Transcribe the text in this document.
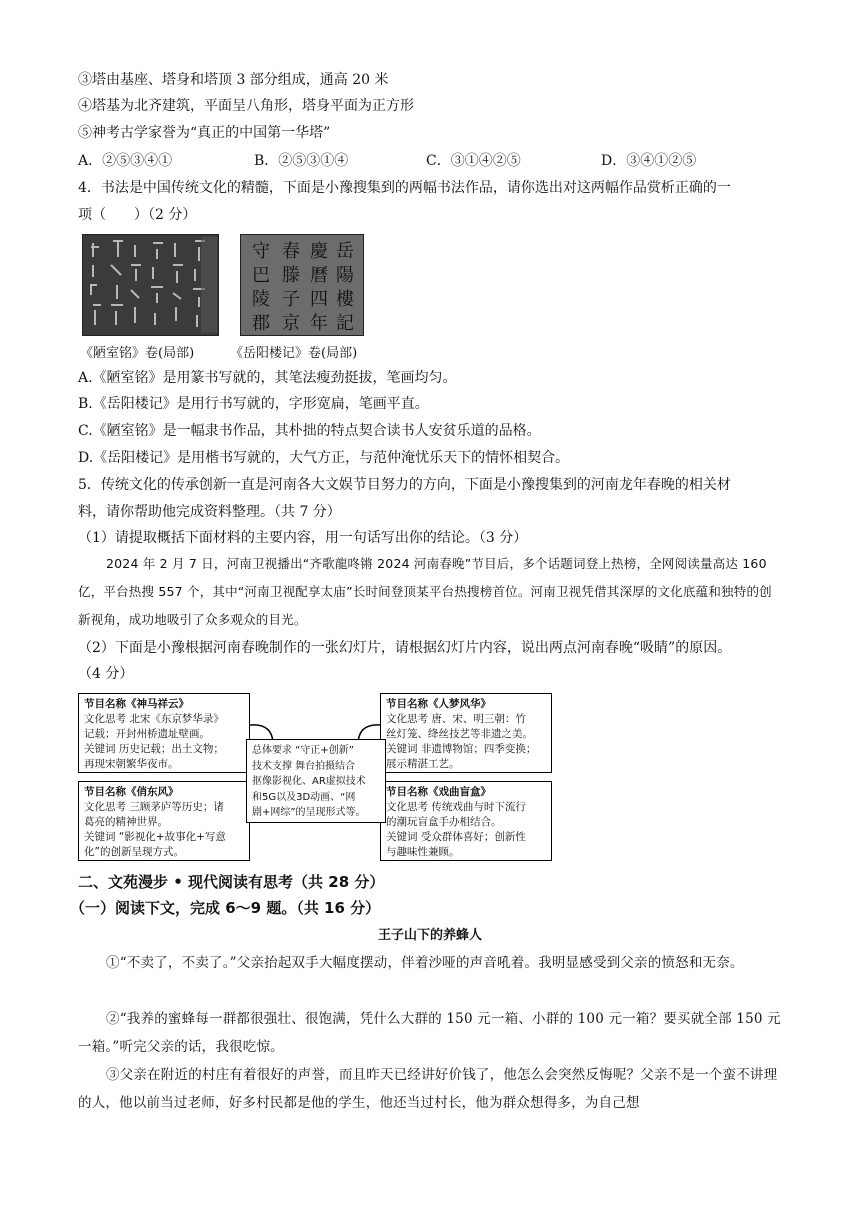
③塔由基座、塔身和塔顶 3 部分组成，通高 20 米
④塔基为北齐建筑，平面呈八角形，塔身平面为正方形
⑤神考古学家誉为“真正的中国第一华塔”
A．②⑤③④①	B．②⑤③①④	C．③①④②⑤	D．③④①②⑤
4．书法是中国传统文化的精髓，下面是小豫搜集到的两幅书法作品，请你选出对这两幅作品赏析正确的一
项（　　）（2 分）
岳
陽
樓
記
慶
曆
四
年
春
滕
子
京
守
巴
陵
郡
《陋室铭》卷(局部)	《岳阳楼记》卷(局部)
A.《陋室铭》是用篆书写就的，其笔法瘦劲挺拔，笔画均匀。
B.《岳阳楼记》是用行书写就的，字形宽扁，笔画平直。
C.《陋室铭》是一幅隶书作品，其朴拙的特点契合读书人安贫乐道的品格。
D.《岳阳楼记》是用楷书写就的，大气方正，与范仲淹忧乐天下的情怀相契合。
5．传统文化的传承创新一直是河南各大文娱节目努力的方向，下面是小豫搜集到的河南龙年春晚的相关材
料，请你帮助他完成资料整理。（共 7 分）
（1）请提取概括下面材料的主要内容，用一句话写出你的结论。（3 分）
2024 年 2 月 7 日，河南卫视播出“齐歌龍咚锵 2024 河南春晚”节目后，多个话题词登上热榜，全网阅读量高达 160 亿，平台热搜 557 个，其中“河南卫视配享太庙”长时间登顶某平台热搜榜首位。河南卫视凭借其深厚的文化底蕴和独特的创新视角，成功地吸引了众多观众的目光。
（2）下面是小豫根据河南春晚制作的一张幻灯片，请根据幻灯片内容，说出两点河南春晚“吸睛”的原因。
（4 分）
节目名称《神马祥云》
文化思考 北宋《东京梦华录》
记载；开封州桥遗址壁画。
关键词 历史记载；出土文物；
再现宋朝繁华夜市。
节目名称《人梦风华》
文化思考 唐、宋、明三朝：竹
丝灯笼、绛丝技艺等非遗之美。
关键词 非遗博物馆；四季变换；
展示精湛工艺。
节目名称《俏东风》
文化思考 三顾茅庐等历史；诸
葛亮的精神世界。
关键词 “影视化+故事化+写意
化”的创新呈现方式。
节目名称《戏曲盲盒》
文化思考 传统戏曲与时下流行
的潮玩盲盒手办相结合。
关键词 受众群体喜好；创新性
与趣味性兼顾。
总体要求 “守正+创新”
技术支撑 舞台拍摄结合
抠像影视化、AR虚拟技术
和5G以及3D动画、“网
剧+网综”的呈现形式等。
二、文苑漫步 • 现代阅读有思考（共 28 分）
（一）阅读下文，完成 6～9 题。（共 16 分）
王子山下的养蜂人
①“不卖了，不卖了。”父亲抬起双手大幅度摆动，伴着沙哑的声音吼着。我明显感受到父亲的愤怒和无奈。
②“我养的蜜蜂每一群都很强壮、很饱满，凭什么大群的 150 元一箱、小群的 100 元一箱？要买就全部 150 元一箱。”听完父亲的话，我很吃惊。
③父亲在附近的村庄有着很好的声誉，而且昨天已经讲好价钱了，他怎么会突然反悔呢？父亲不是一个蛮不讲理的人，他以前当过老师，好多村民都是他的学生，他还当过村长，他为群众想得多，为自己想
